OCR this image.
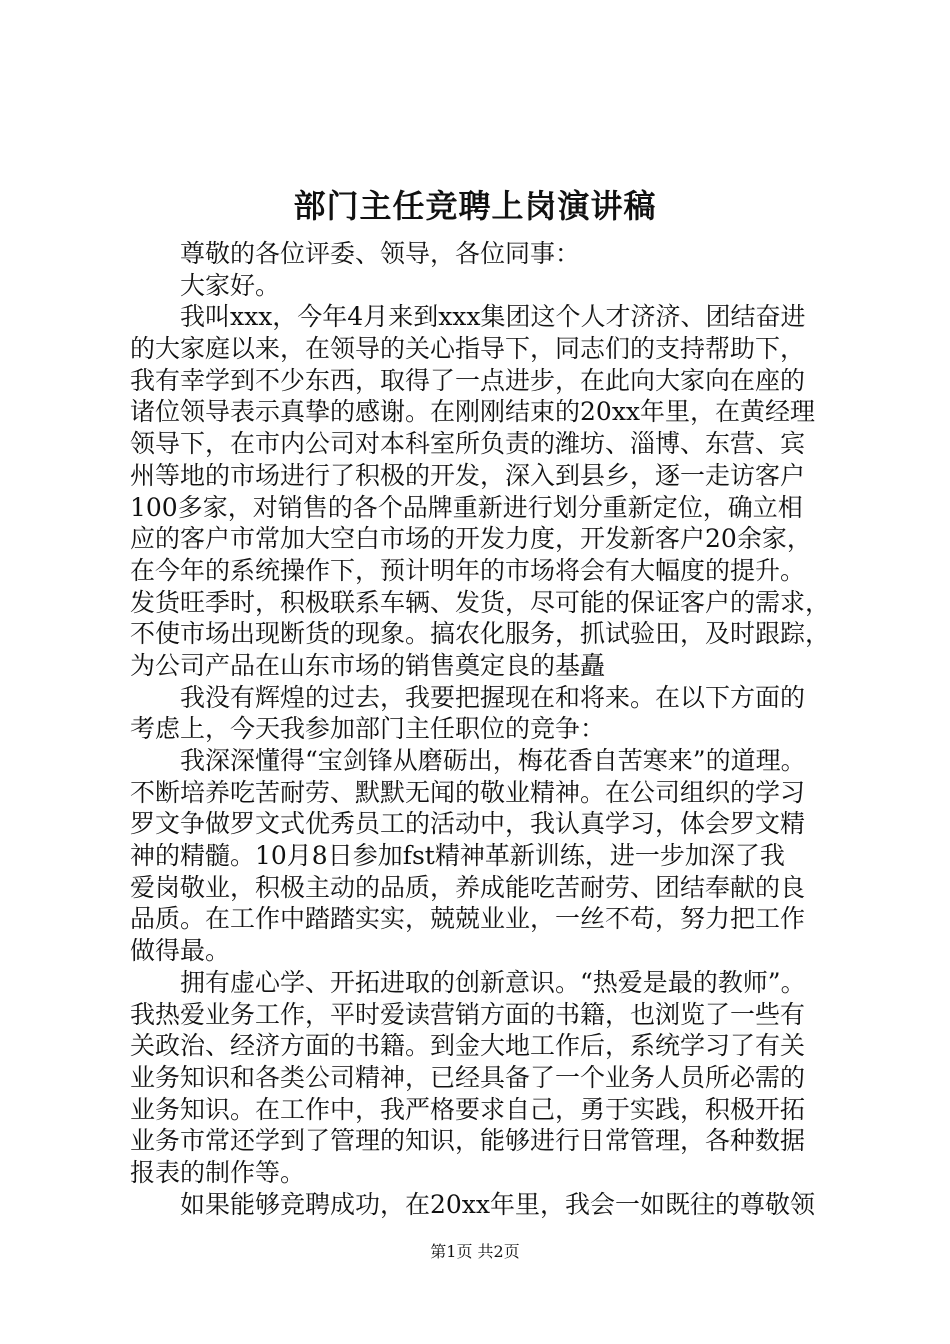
部门主任竞聘上岗演讲稿
尊敬的各位评委、领导，各位同事：
大家好。
我叫xxx，今年4月来到xxx集团这个人才济济、团结奋进
的大家庭以来，在领导的关心指导下，同志们的支持帮助下，
我有幸学到不少东西，取得了一点进步，在此向大家向在座的
诸位领导表示真挚的感谢。在刚刚结束的20xx年里，在黄经理
领导下，在市内公司对本科室所负责的潍坊、淄博、东营、宾
州等地的市场进行了积极的开发，深入到县乡，逐一走访客户
100多家，对销售的各个品牌重新进行划分重新定位，确立相
应的客户市常加大空白市场的开发力度，开发新客户20余家，
在今年的系统操作下，预计明年的市场将会有大幅度的提升。
发货旺季时，积极联系车辆、发货，尽可能的保证客户的需求，
不使市场出现断货的现象。搞农化服务，抓试验田，及时跟踪，
为公司产品在山东市场的销售奠定良的基矗
我没有辉煌的过去，我要把握现在和将来。在以下方面的
考虑上，今天我参加部门主任职位的竞争：
我深深懂得“宝剑锋从磨砺出，梅花香自苦寒来”的道理。
不断培养吃苦耐劳、默默无闻的敬业精神。在公司组织的学习
罗文争做罗文式优秀员工的活动中，我认真学习，体会罗文精
神的精髓。10月8日参加fst精神革新训练，进一步加深了我
爱岗敬业，积极主动的品质，养成能吃苦耐劳、团结奉献的良
品质。在工作中踏踏实实，兢兢业业，一丝不苟，努力把工作
做得最。
拥有虚心学、开拓进取的创新意识。“热爱是最的教师”。
我热爱业务工作，平时爱读营销方面的书籍，也浏览了一些有
关政治、经济方面的书籍。到金大地工作后，系统学习了有关
业务知识和各类公司精神，已经具备了一个业务人员所必需的
业务知识。在工作中，我严格要求自己，勇于实践，积极开拓
业务市常还学到了管理的知识，能够进行日常管理，各种数据
报表的制作等。
如果能够竞聘成功，在20xx年里，我会一如既往的尊敬领
第1页 共2页
